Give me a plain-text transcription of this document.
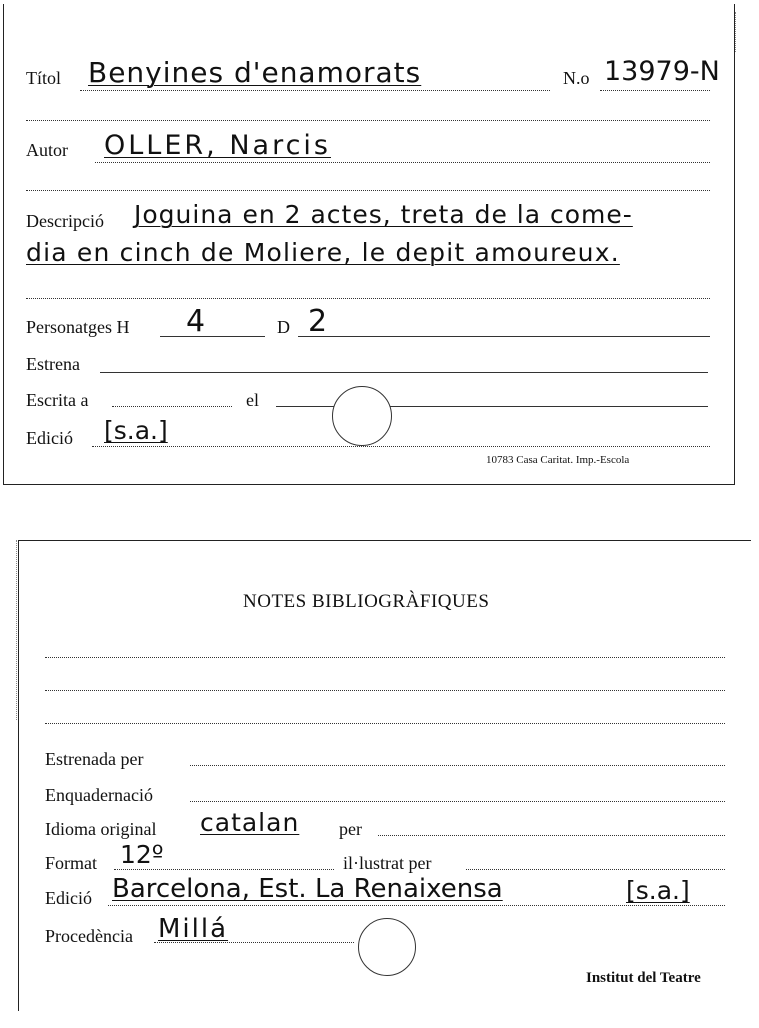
Títol Benyines d'enamorats	N.o 13979-N
Autor OLLER, Narcis
Descripció Joguina en 2 actes, treta de la come-
dia en cinch de Moliere, le depit amoureux.
Personatges H 4	D 2
Estrena
Escrita a	el
Edició [s.a.]
10783 Casa Caritat. Imp.-Escola
NOTES BIBLIOGRÀFIQUES
Estrenada per
Enquadernació
Idioma original catalan per
Format 12º	il·lustrat per
Edició Barcelona, Est. La Renaixensa	[s.a.]
Procedència Millá
Institut del Teatre
